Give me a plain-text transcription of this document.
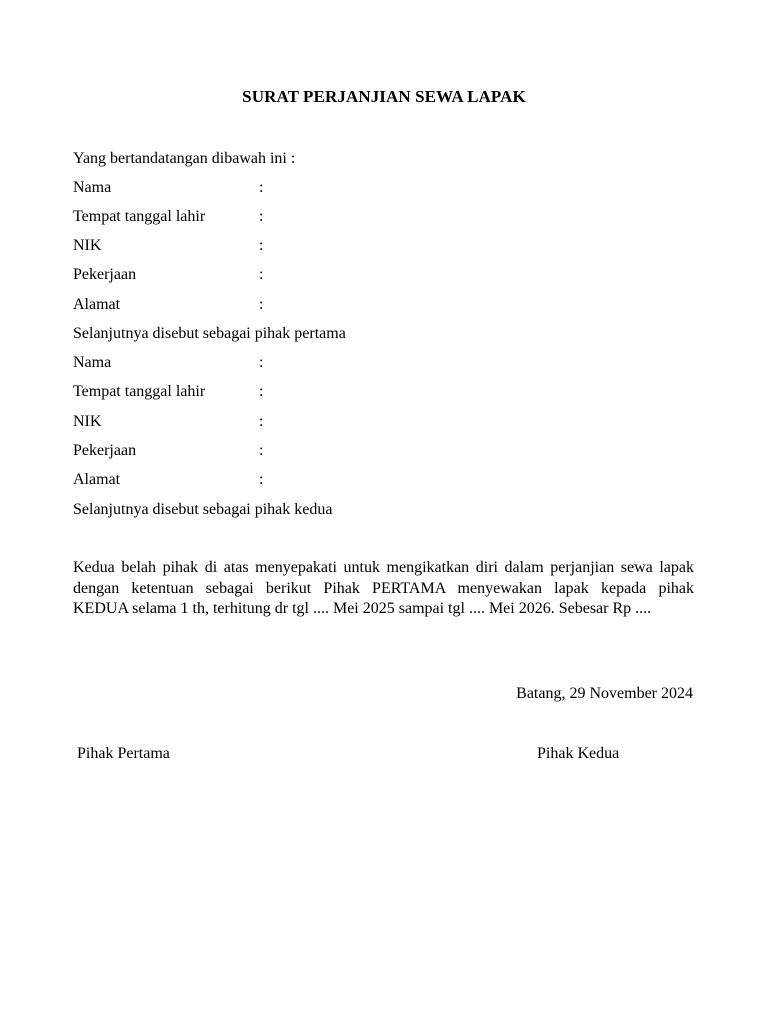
SURAT PERJANJIAN SEWA LAPAK
Yang bertandatangan dibawah ini :
Nama	:
Tempat tanggal lahir	:
NIK	:
Pekerjaan	:
Alamat	:
Selanjutnya disebut sebagai pihak pertama
Nama	:
Tempat tanggal lahir	:
NIK	:
Pekerjaan	:
Alamat	:
Selanjutnya disebut sebagai pihak kedua
Kedua belah pihak di atas menyepakati untuk mengikatkan diri dalam perjanjian sewa lapak
dengan ketentuan sebagai berikut Pihak PERTAMA menyewakan lapak kepada pihak
KEDUA selama 1 th, terhitung dr tgl .... Mei 2025 sampai tgl .... Mei 2026. Sebesar Rp ....
Batang, 29 November 2024
Pihak Pertama	Pihak Kedua
